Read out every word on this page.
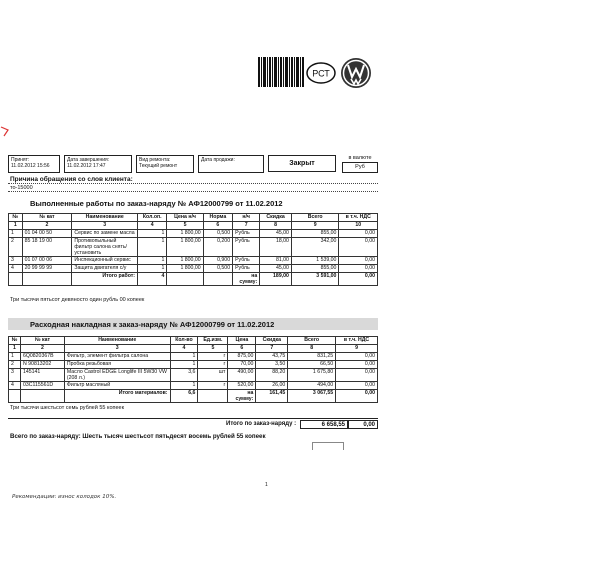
РСТ
Принят:
11.02.2012 15:56
Дата завершения:
11.02.2012 17:47
Вид ремонта:
Текущий ремонт
Дата продажи:	Закрыт
в валюте
Руб
Причина обращения со слов клиента:
то-15000
Выполненные работы по заказ-наряду № АФ12000799 от 11.02.2012
№	№ кат	Наименование	Кол.оп.	Цена н/ч	Норма	н/ч	Скидка	Всего	в т.ч. НДС
1	2	3	4	5	6	7	8	9	10
1	01 04 00 50	Сервис по замене масла	1	1 800,00	0,500	Рубль	45,00	855,00	0,00
2	85 18 19 00	Противопыльный фильтр салона снять/установить	1	1 800,00	0,200	Рубль	18,00	342,00	0,00
3	01 07 00 06	Инспекционный сервис	1	1 800,00	0,900	Рубль	81,00	1 539,00	0,00
4	20 99 99 99	Защита двигателя с/у	1	1 800,00	0,500	Рубль	45,00	855,00	0,00
		Итого работ:	4			на сумму:	189,00	3 591,00	0,00
Три тысячи пятьсот девяносто один рубль 00 копеек
Расходная накладная к заказ-наряду № АФ12000799 от 11.02.2012
№	№ кат	Наименование	Кол-во	Ед.изм.	Цена	Скидка	Всего	в т.ч. НДС
1	2	3	4	5	6	7	8	9
1	6Q0820367B	Фильтр, элемент фильтра салона	1	г	875,00	43,75	831,25	0,00
2	N 90813202	Пробка резьбовая	1	г	70,00	3,50	66,50	0,00
3	145141	Масло Castrol EDGE Longlife III 5W30 VW (208 л.)	3,6	шт	490,00	88,20	1 675,80	0,00
4	03C115561D	Фильтр масляный	1	г	520,00	26,00	494,00	0,00
		Итого материалов:	6,6		на сумму:	161,45	3 067,55	0,00
Три тысячи шестьсот семь рублей 55 копеек
Итого по заказ-наряду :	6 658,55	0,00
Всего по заказ-наряду: Шесть тысяч шестьсот пятьдесят восемь рублей 55 копеек
1
Рекомендации: износ колодок 10%.
